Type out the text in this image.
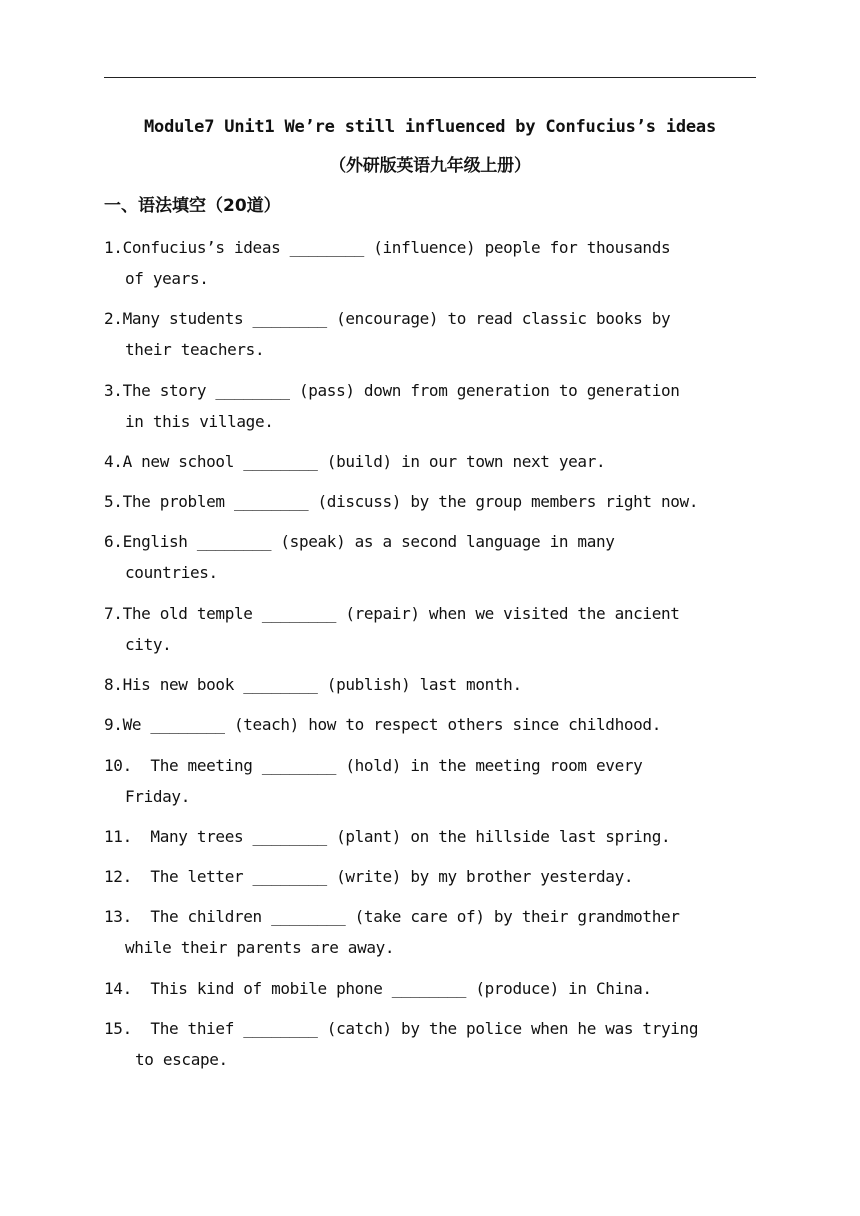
Module7 Unit1 We’re still influenced by Confucius’s ideas
（外研版英语九年级上册）
一、语法填空（20道）
1.Confucius’s ideas ________ (influence) people for thousands
of years.
2.Many students ________ (encourage) to read classic books by
their teachers.
3.The story ________ (pass) down from generation to generation
in this village.
4.A new school ________ (build) in our town next year.
5.The problem ________ (discuss) by the group members right now.
6.English ________ (speak) as a second language in many
countries.
7.The old temple ________ (repair) when we visited the ancient
city.
8.His new book ________ (publish) last month.
9.We ________ (teach) how to respect others since childhood.
10.  The meeting ________ (hold) in the meeting room every
Friday.
11.  Many trees ________ (plant) on the hillside last spring.
12.  The letter ________ (write) by my brother yesterday.
13.  The children ________ (take care of) by their grandmother
while their parents are away.
14.  This kind of mobile phone ________ (produce) in China.
15.  The thief ________ (catch) by the police when he was trying
to escape.
